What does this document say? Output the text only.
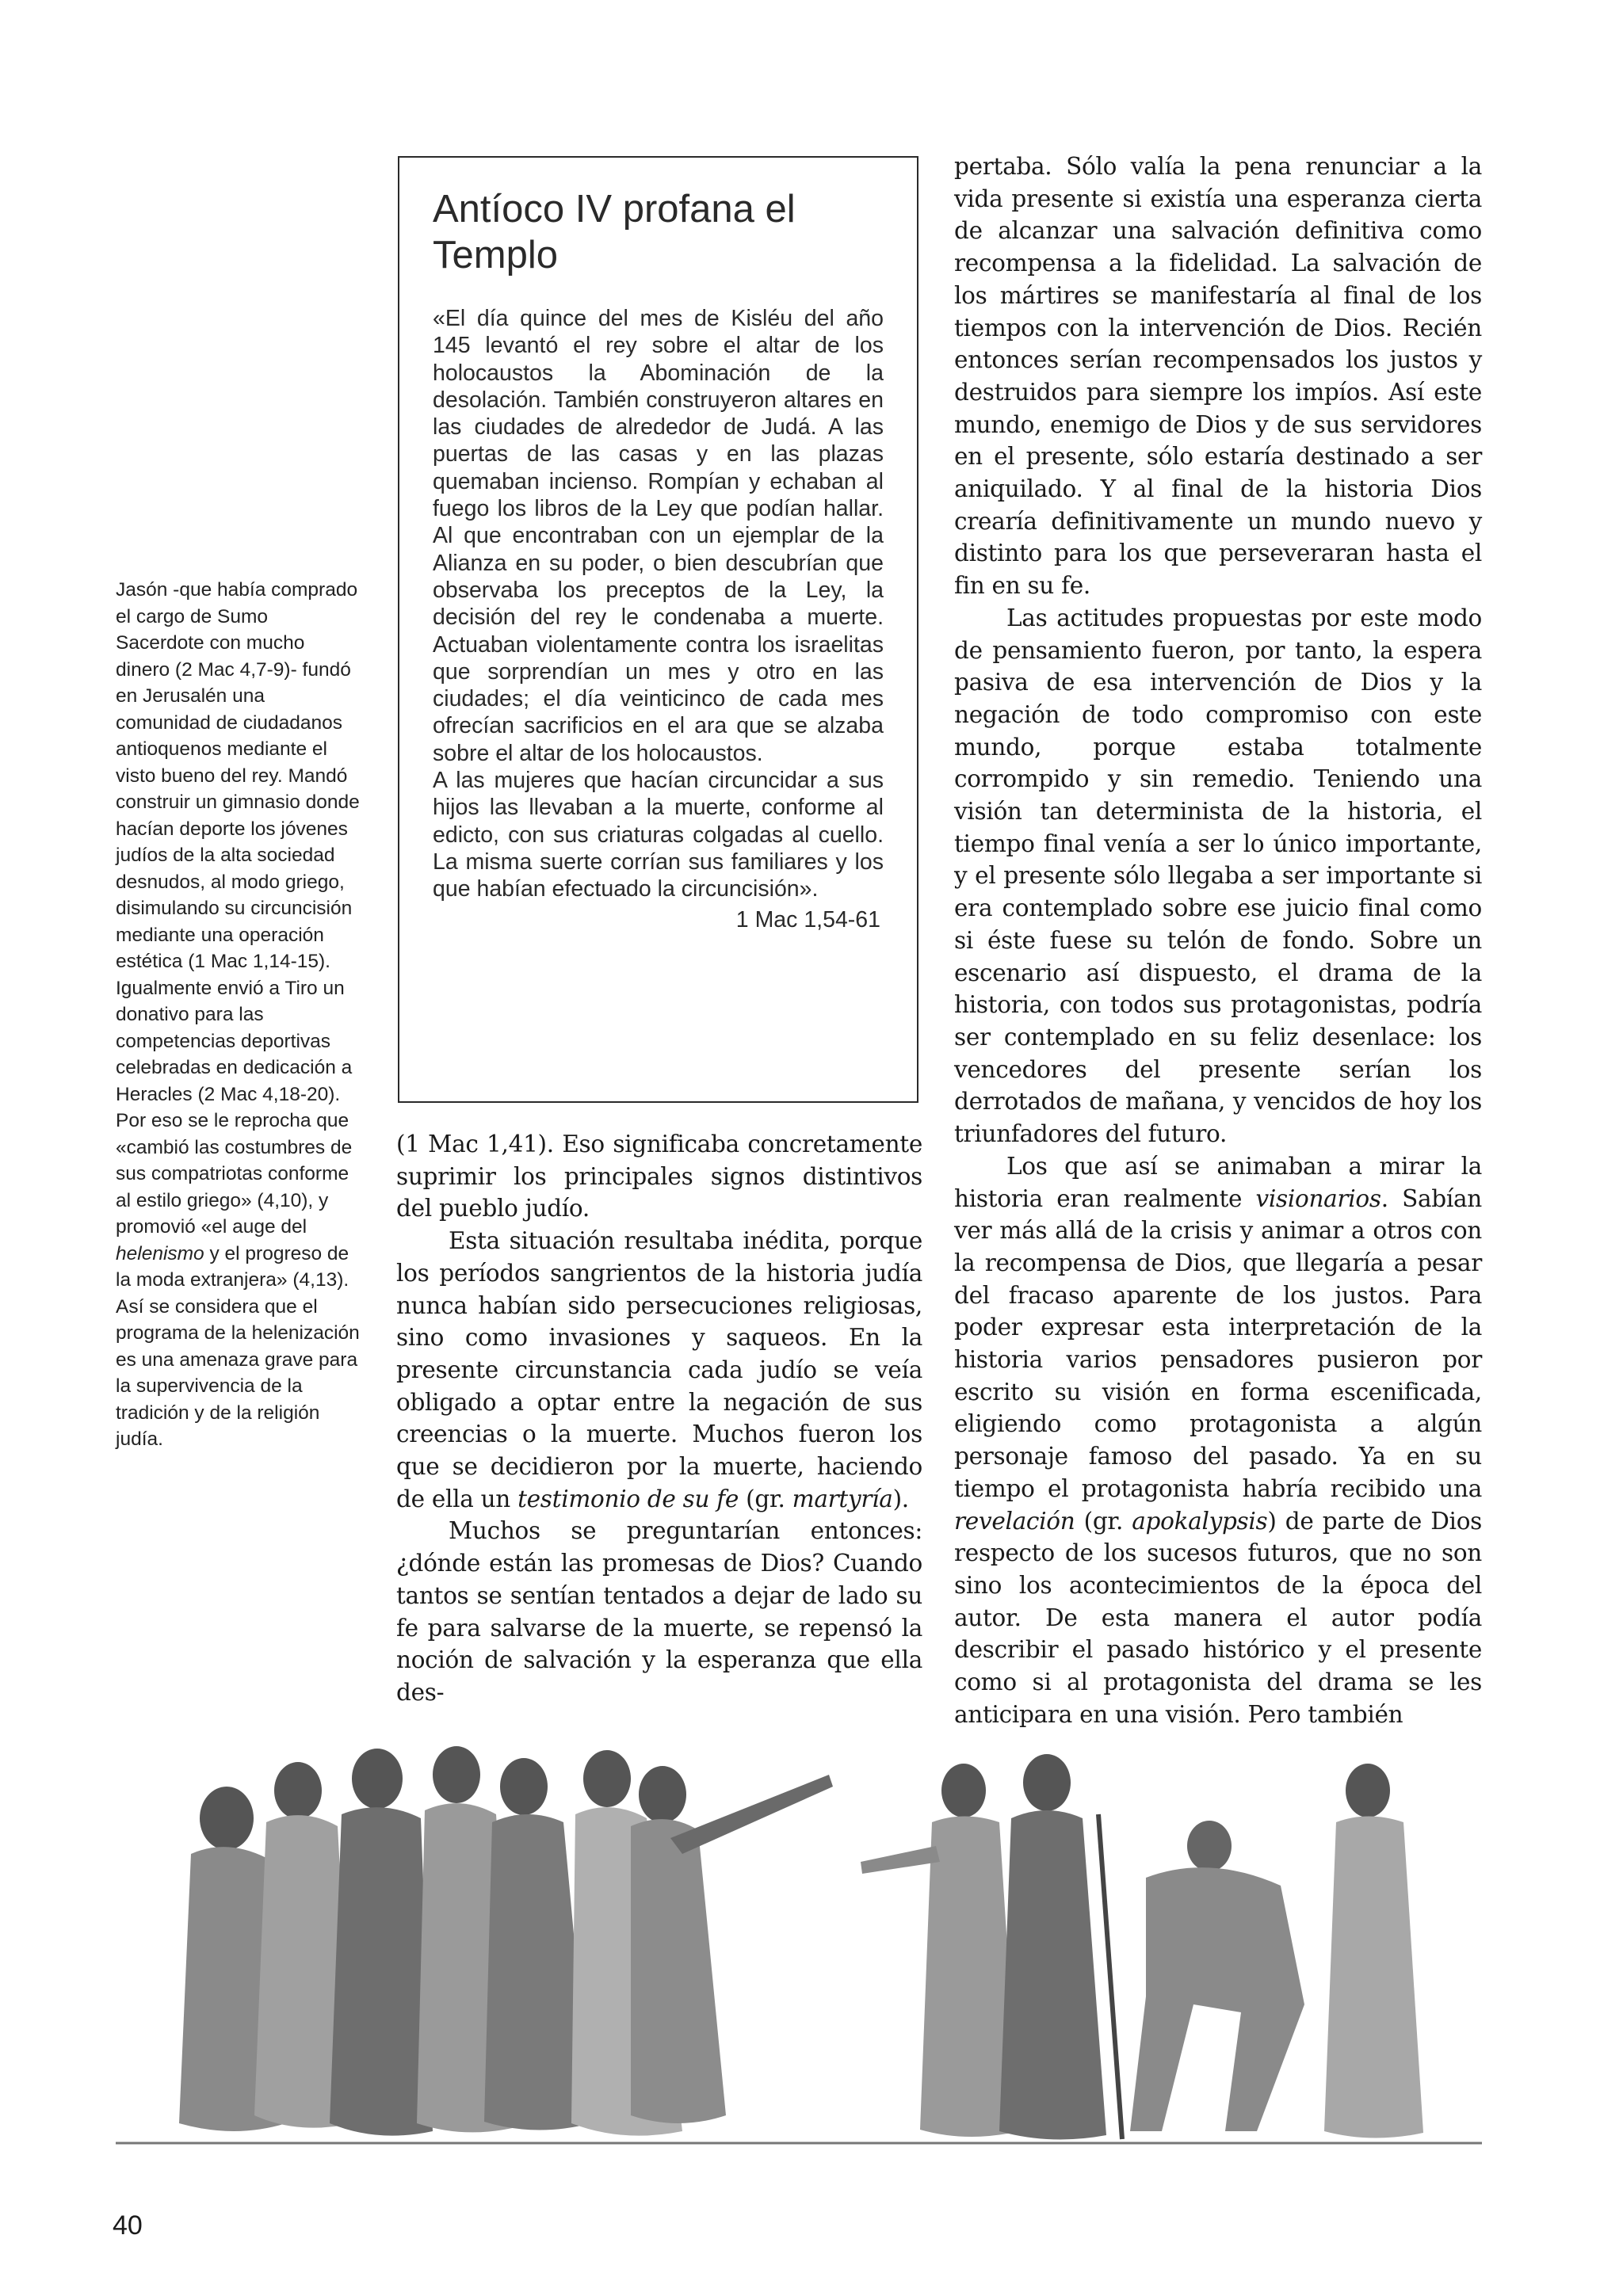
Jasón -que había comprado el cargo de Sumo Sacerdote con mucho dinero (2 Mac 4,7-9)- fundó en Jerusalén una comunidad de ciudadanos antioquenos mediante el visto bueno del rey. Mandó construir un gimnasio donde hacían deporte los jóvenes judíos de la alta sociedad desnudos, al modo griego, disimulando su circuncisión mediante una operación estética (1 Mac 1,14-15). Igualmente envió a Tiro un donativo para las competencias deportivas celebradas en dedicación a Heracles (2 Mac 4,18-20).

Por eso se le reprocha que «cambió las costumbres de sus compatriotas conforme al estilo griego» (4,10), y promovió «el auge del helenismo y el progreso de la moda extranjera» (4,13). Así se considera que el programa de la helenización es una amenaza grave para la supervivencia de la tradición y de la religión judía.

Antíoco IV profana el Templo

«El día quince del mes de Kisléu del año 145 levantó el rey sobre el altar de los holocaustos la Abominación de la desolación. También construyeron altares en las ciudades de alrededor de Judá. A las puertas de las casas y en las plazas quemaban incienso. Rompían y echaban al fuego los libros de la Ley que podían hallar. Al que encontraban con un ejemplar de la Alianza en su poder, o bien descubrían que observaba los preceptos de la Ley, la decisión del rey le condenaba a muerte. Actuaban violentamente contra los israelitas que sorprendían un mes y otro en las ciudades; el día veinticinco de cada mes ofrecían sacrificios en el ara que se alzaba sobre el altar de los holocaustos.

A las mujeres que hacían circuncidar a sus hijos las llevaban a la muerte, conforme al edicto, con sus criaturas colgadas al cuello. La misma suerte corrían sus familiares y los que habían efectuado la circuncisión».

1 Mac 1,54-61

(1 Mac 1,41). Eso significaba concretamente suprimir los principales signos distintivos del pueblo judío.

Esta situación resultaba inédita, porque los períodos sangrientos de la historia judía nunca habían sido persecuciones religiosas, sino como invasiones y saqueos. En la presente circunstancia cada judío se veía obligado a optar entre la negación de sus creencias o la muerte. Muchos fueron los que se decidieron por la muerte, haciendo de ella un testimonio de su fe (gr. martyría).

Muchos se preguntarían entonces: ¿dónde están las promesas de Dios? Cuando tantos se sentían tentados a dejar de lado su fe para salvarse de la muerte, se repensó la noción de salvación y la esperanza que ella des-

pertaba. Sólo valía la pena renunciar a la vida presente si existía una esperanza cierta de alcanzar una salvación definitiva como recompensa a la fidelidad. La salvación de los mártires se manifestaría al final de los tiempos con la intervención de Dios. Recién entonces serían recompensados los justos y destruidos para siempre los impíos. Así este mundo, enemigo de Dios y de sus servidores en el presente, sólo estaría destinado a ser aniquilado. Y al final de la historia Dios crearía definitivamente un mundo nuevo y distinto para los que perseveraran hasta el fin en su fe.

Las actitudes propuestas por este modo de pensamiento fueron, por tanto, la espera pasiva de esa intervención de Dios y la negación de todo compromiso con este mundo, porque estaba totalmente corrompido y sin remedio. Teniendo una visión tan determinista de la historia, el tiempo final venía a ser lo único importante, y el presente sólo llegaba a ser importante si era contemplado sobre ese juicio final como si éste fuese su telón de fondo. Sobre un escenario así dispuesto, el drama de la historia, con todos sus protagonistas, podría ser contemplado en su feliz desenlace: los vencedores del presente serían los derrotados de mañana, y vencidos de hoy los triunfadores del futuro.

Los que así se animaban a mirar la historia eran realmente visionarios. Sabían ver más allá de la crisis y animar a otros con la recompensa de Dios, que llegaría a pesar del fracaso aparente de los justos. Para poder expresar esta interpretación de la historia varios pensadores pusieron por escrito su visión en forma escenificada, eligiendo como protagonista a algún personaje famoso del pasado. Ya en su tiempo el protagonista habría recibido una revelación (gr. apokalypsis) de parte de Dios respecto de los sucesos futuros, que no son sino los acontecimientos de la época del autor. De esta manera el autor podía describir el pasado histórico y el presente como si al protagonista del drama se les anticipara en una visión. Pero también

40
